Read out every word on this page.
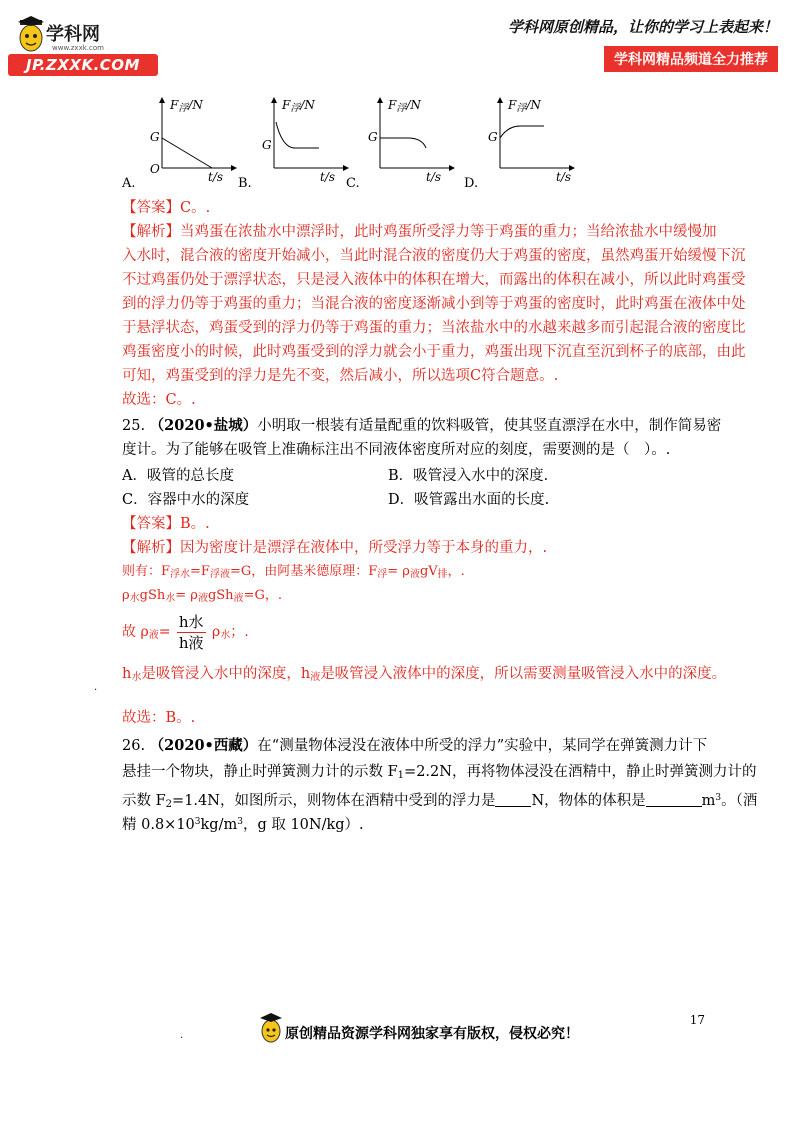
学科网
www.zxxk.com
JP.ZXXK.COM
学科网原创精品，让你的学习上表起来！
学科网精品频道全力推荐
$F_浮/N$	$F_浮/N$	$F_浮/N$	$F_浮/N$
G
G
G	G
O
t/s	t/s	t/s	t/s
A.	B.	C.	D.
【答案】C。.
【解析】当鸡蛋在浓盐水中漂浮时，此时鸡蛋所受浮力等于鸡蛋的重力；当给浓盐水中缓慢加
入水时，混合液的密度开始减小，当此时混合液的密度仍大于鸡蛋的密度，虽然鸡蛋开始缓慢下沉
不过鸡蛋仍处于漂浮状态，只是浸入液体中的体积在增大，而露出的体积在减小，所以此时鸡蛋受
到的浮力仍等于鸡蛋的重力；当混合液的密度逐渐减小到等于鸡蛋的密度时，此时鸡蛋在液体中处
于悬浮状态，鸡蛋受到的浮力仍等于鸡蛋的重力；当浓盐水中的水越来越多而引起混合液的密度比
鸡蛋密度小的时候，此时鸡蛋受到的浮力就会小于重力，鸡蛋出现下沉直至沉到杯子的底部，由此
可知，鸡蛋受到的浮力是先不变，然后减小，所以选项C符合题意。.
故选：C。.
25. （2020•盐城）小明取一根装有适量配重的饮料吸管，使其竖直漂浮在水中，制作简易密
度计。为了能够在吸管上准确标注出不同液体密度所对应的刻度，需要测的是（　）。.
A．吸管的总长度	B．吸管浸入水中的深度.
C．容器中水的深度	D．吸管露出水面的长度.
【答案】B。.
【解析】因为密度计是漂浮在液体中，所受浮力等于本身的重力，.
则有：$F_{浮水}=F_{浮液}=G$，由阿基米德原理：$F_浮= \rho_液gV_排$，.
$\rho_水gSh_水= \rho_液gSh_液=G$，.
故 $\rho_液= \frac{\text{h水}}{\text{h液}} \rho_水$；.
$h_水$是吸管浸入水中的深度，$h_液$是吸管浸入液体中的深度，所以需要测量吸管浸入水中的深度。
.
故选：B。.
26. （2020•西藏）在“测量物体浸没在液体中所受的浮力”实验中，某同学在弹簧测力计下
悬挂一个物块，静止时弹簧测力计的示数 $F_1=2.2N$，再将物体浸没在酒精中，静止时弹簧测力计的
示数 $F_2=1.4N$，如图所示，则物体在酒精中受到的浮力是 N，物体的体积是	$m^3$。（酒
精 $0.8\times 10^3kg/m^3$，g 取 10N/kg）.
17
.	原创精品资源学科网独家享有版权，侵权必究！
